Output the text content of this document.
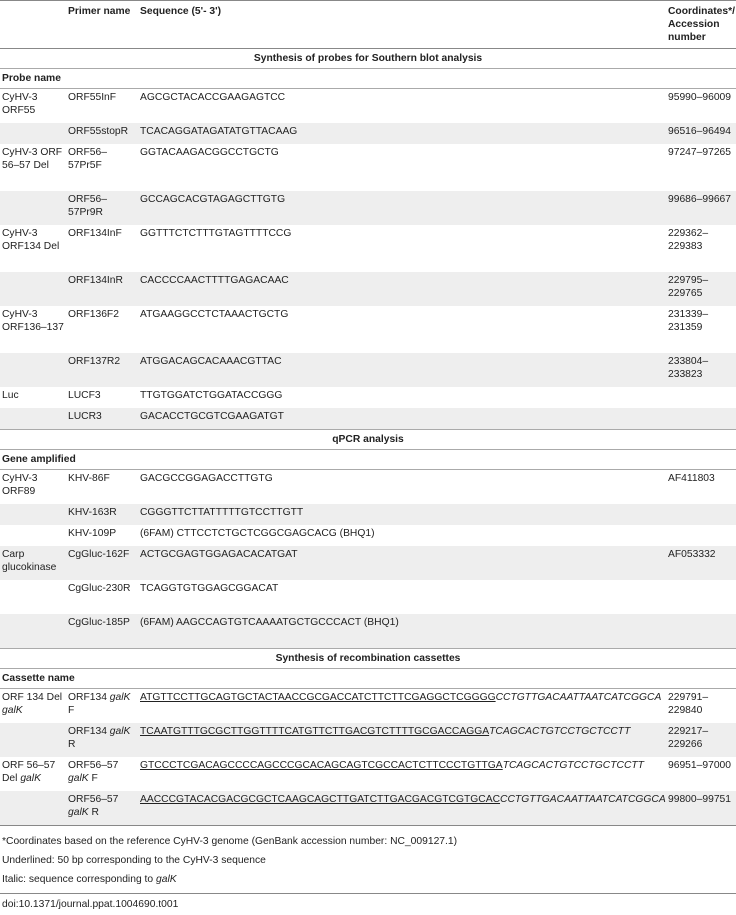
	Primer name	Sequence (5'- 3')	Coordinates*/ Accession number
Synthesis of probes for Southern blot analysis			
Probe name			
CyHV-3 ORF55	ORF55InF	AGCGCTACACCGAAGAGTCC	95990–96009
	ORF55stopR	TCACAGGATAGATATGTTACAAG	96516–96494
CyHV-3 ORF 56–57 Del	ORF56–57Pr5F	GGTACAAGACGGCCTGCTG	97247–97265
	ORF56–57Pr9R	GCCAGCACGTAGAGCTTGTG	99686–99667
CyHV-3 ORF134 Del	ORF134InF	GGTTTCTCTTTGTAGTTTTCCG	229362–229383
	ORF134InR	CACCCCAACTTTTGAGACAAC	229795–229765
CyHV-3 ORF136–137	ORF136F2	ATGAAGGCCTCTAAACTGCTG	231339–231359
	ORF137R2	ATGGACAGCACAAACGTTAC	233804–233823
Luc	LUCF3	TTGTGGATCTGGATACCGGG	
	LUCR3	GACACCTGCGTCGAAGATGT	
qPCR analysis			
Gene amplified			
CyHV-3 ORF89	KHV-86F	GACGCCGGAGACCTTGTG	AF411803
	KHV-163R	CGGGTTCTTATTTTTGTCCTTGTT	
	KHV-109P	(6FAM) CTTCCTCTGCTCGGCGAGCACG (BHQ1)	
Carp glucokinase	CgGluc-162F	ACTGCGAGTGGAGACACATGAT	AF053332
	CgGluc-230R	TCAGGTGTGGAGCGGACAT	
	CgGluc-185P	(6FAM) AAGCCAGTGTCAAAATGCTGCCCACT (BHQ1)	
Synthesis of recombination cassettes			
Cassette name			
ORF 134 Del galK	ORF134 galK F	ATGTTCCTTGCAGTGCTACTAACCGCGACCATCTTCTTCGAGGCTCGGGGCCTGTTGACAATTAATCATCGGCA	229791–229840
	ORF134 galK R	TCAATGTTTGCGCTTGGTTTTCATGTTCTTGACGTCTTTTGCGACCAGGATCAGCACTGTCCTGCTCCTT	229217–229266
ORF 56–57 Del galK	ORF56–57 galK F	GTCCCTCGACAGCCCCAGCCCGCACAGCAGTCGCCACTCTTCCCTGTTGATCAGCACTGTCCTGCTCCTT	96951–97000
	ORF56–57 galK R	AACCCGTACACGACGCGCTCAAGCAGCTTGATCTTGACGACGTCGTGCACCCTGTTGACAATTAATCATCGGCA	99800–99751
*Coordinates based on the reference CyHV-3 genome (GenBank accession number: NC_009127.1)
Underlined: 50 bp corresponding to the CyHV-3 sequence
Italic: sequence corresponding to galK
doi:10.1371/journal.ppat.1004690.t001
